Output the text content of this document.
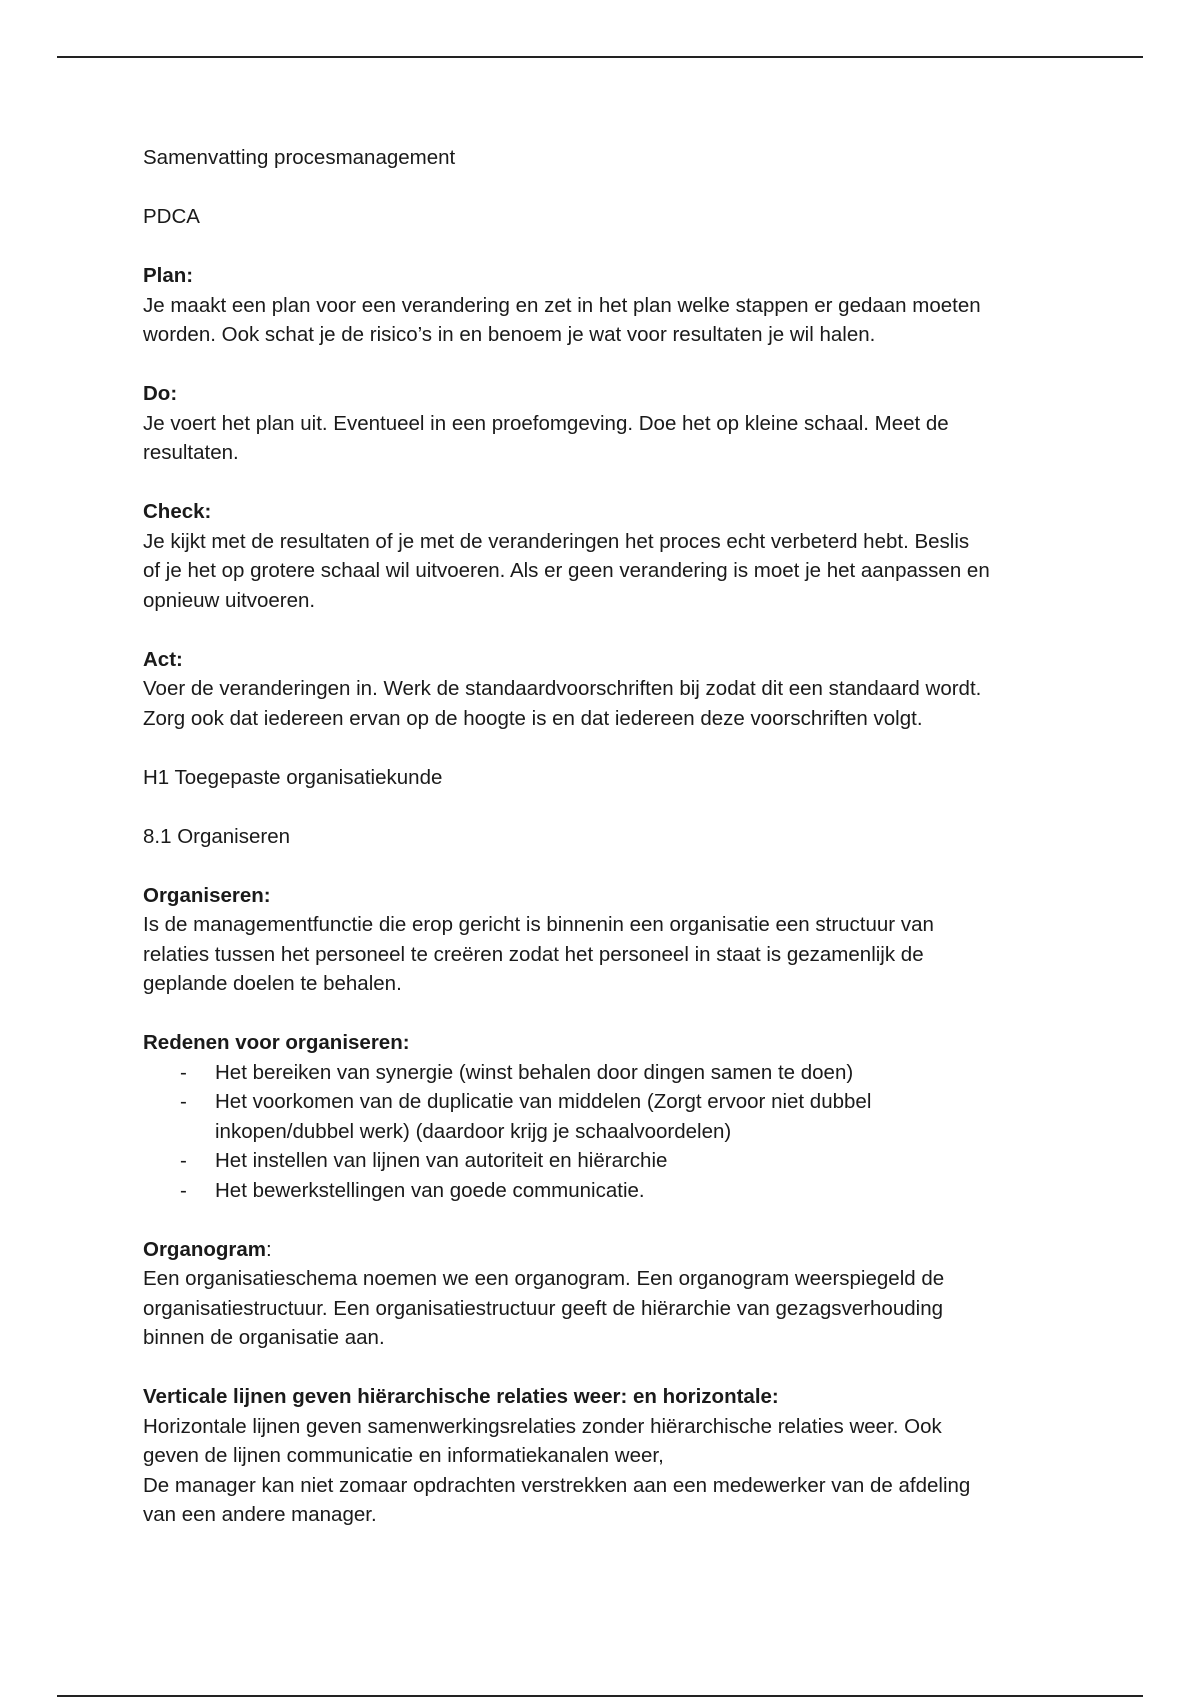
Samenvatting procesmanagement

PDCA

Plan:
Je maakt een plan voor een verandering en zet in het plan welke stappen er gedaan moeten
worden. Ook schat je de risico’s in en benoem je wat voor resultaten je wil halen.
Do:
Je voert het plan uit. Eventueel in een proefomgeving. Doe het op kleine schaal. Meet de
resultaten.
Check:
Je kijkt met de resultaten of je met de veranderingen het proces echt verbeterd hebt. Beslis
of je het op grotere schaal wil uitvoeren. Als er geen verandering is moet je het aanpassen en
opnieuw uitvoeren.
Act:
Voer de veranderingen in. Werk de standaardvoorschriften bij zodat dit een standaard wordt.
Zorg ook dat iedereen ervan op de hoogte is en dat iedereen deze voorschriften volgt.

H1 Toegepaste organisatiekunde

8.1 Organiseren

Organiseren:
Is de managementfunctie die erop gericht is binnenin een organisatie een structuur van
relaties tussen het personeel te creëren zodat het personeel in staat is gezamenlijk de
geplande doelen te behalen.
Redenen voor organiseren:
- Het bereiken van synergie (winst behalen door dingen samen te doen)
- Het voorkomen van de duplicatie van middelen (Zorgt ervoor niet dubbel
inkopen/dubbel werk) (daardoor krijg je schaalvoordelen)
- Het instellen van lijnen van autoriteit en hiërarchie
- Het bewerkstellingen van goede communicatie.
Organogram:
Een organisatieschema noemen we een organogram. Een organogram weerspiegeld de
organisatiestructuur. Een organisatiestructuur geeft de hiërarchie van gezagsverhouding
binnen de organisatie aan.
Verticale lijnen geven hiërarchische relaties weer: en horizontale:
Horizontale lijnen geven samenwerkingsrelaties zonder hiërarchische relaties weer. Ook
geven de lijnen communicatie en informatiekanalen weer,
De manager kan niet zomaar opdrachten verstrekken aan een medewerker van de afdeling
van een andere manager.
